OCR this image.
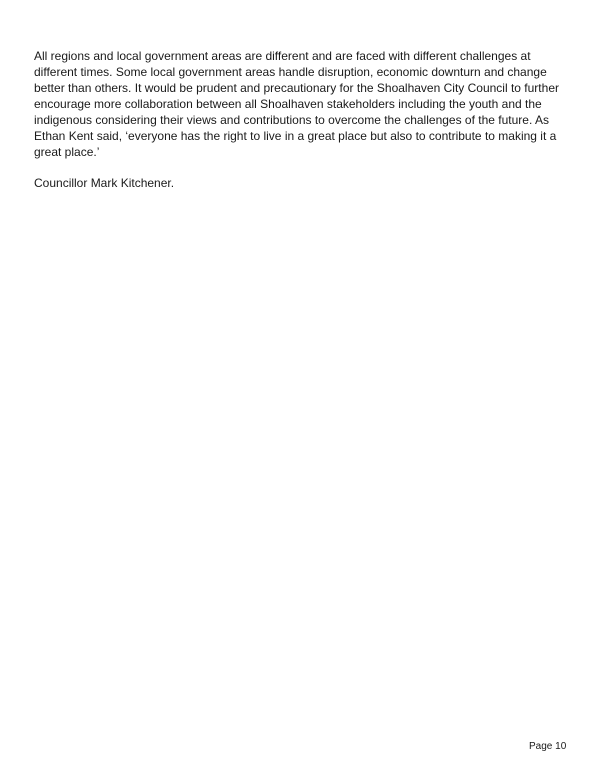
All regions and local government areas are different and are faced with different challenges at
different times. Some local government areas handle disruption, economic downturn and change
better than others. It would be prudent and precautionary for the Shoalhaven City Council to further
encourage more collaboration between all Shoalhaven stakeholders including the youth and the
indigenous considering their views and contributions to overcome the challenges of the future. As
Ethan Kent said, ‘everyone has the right to live in a great place but also to contribute to making it a
great place.’

Councillor Mark Kitchener.

Page 10
